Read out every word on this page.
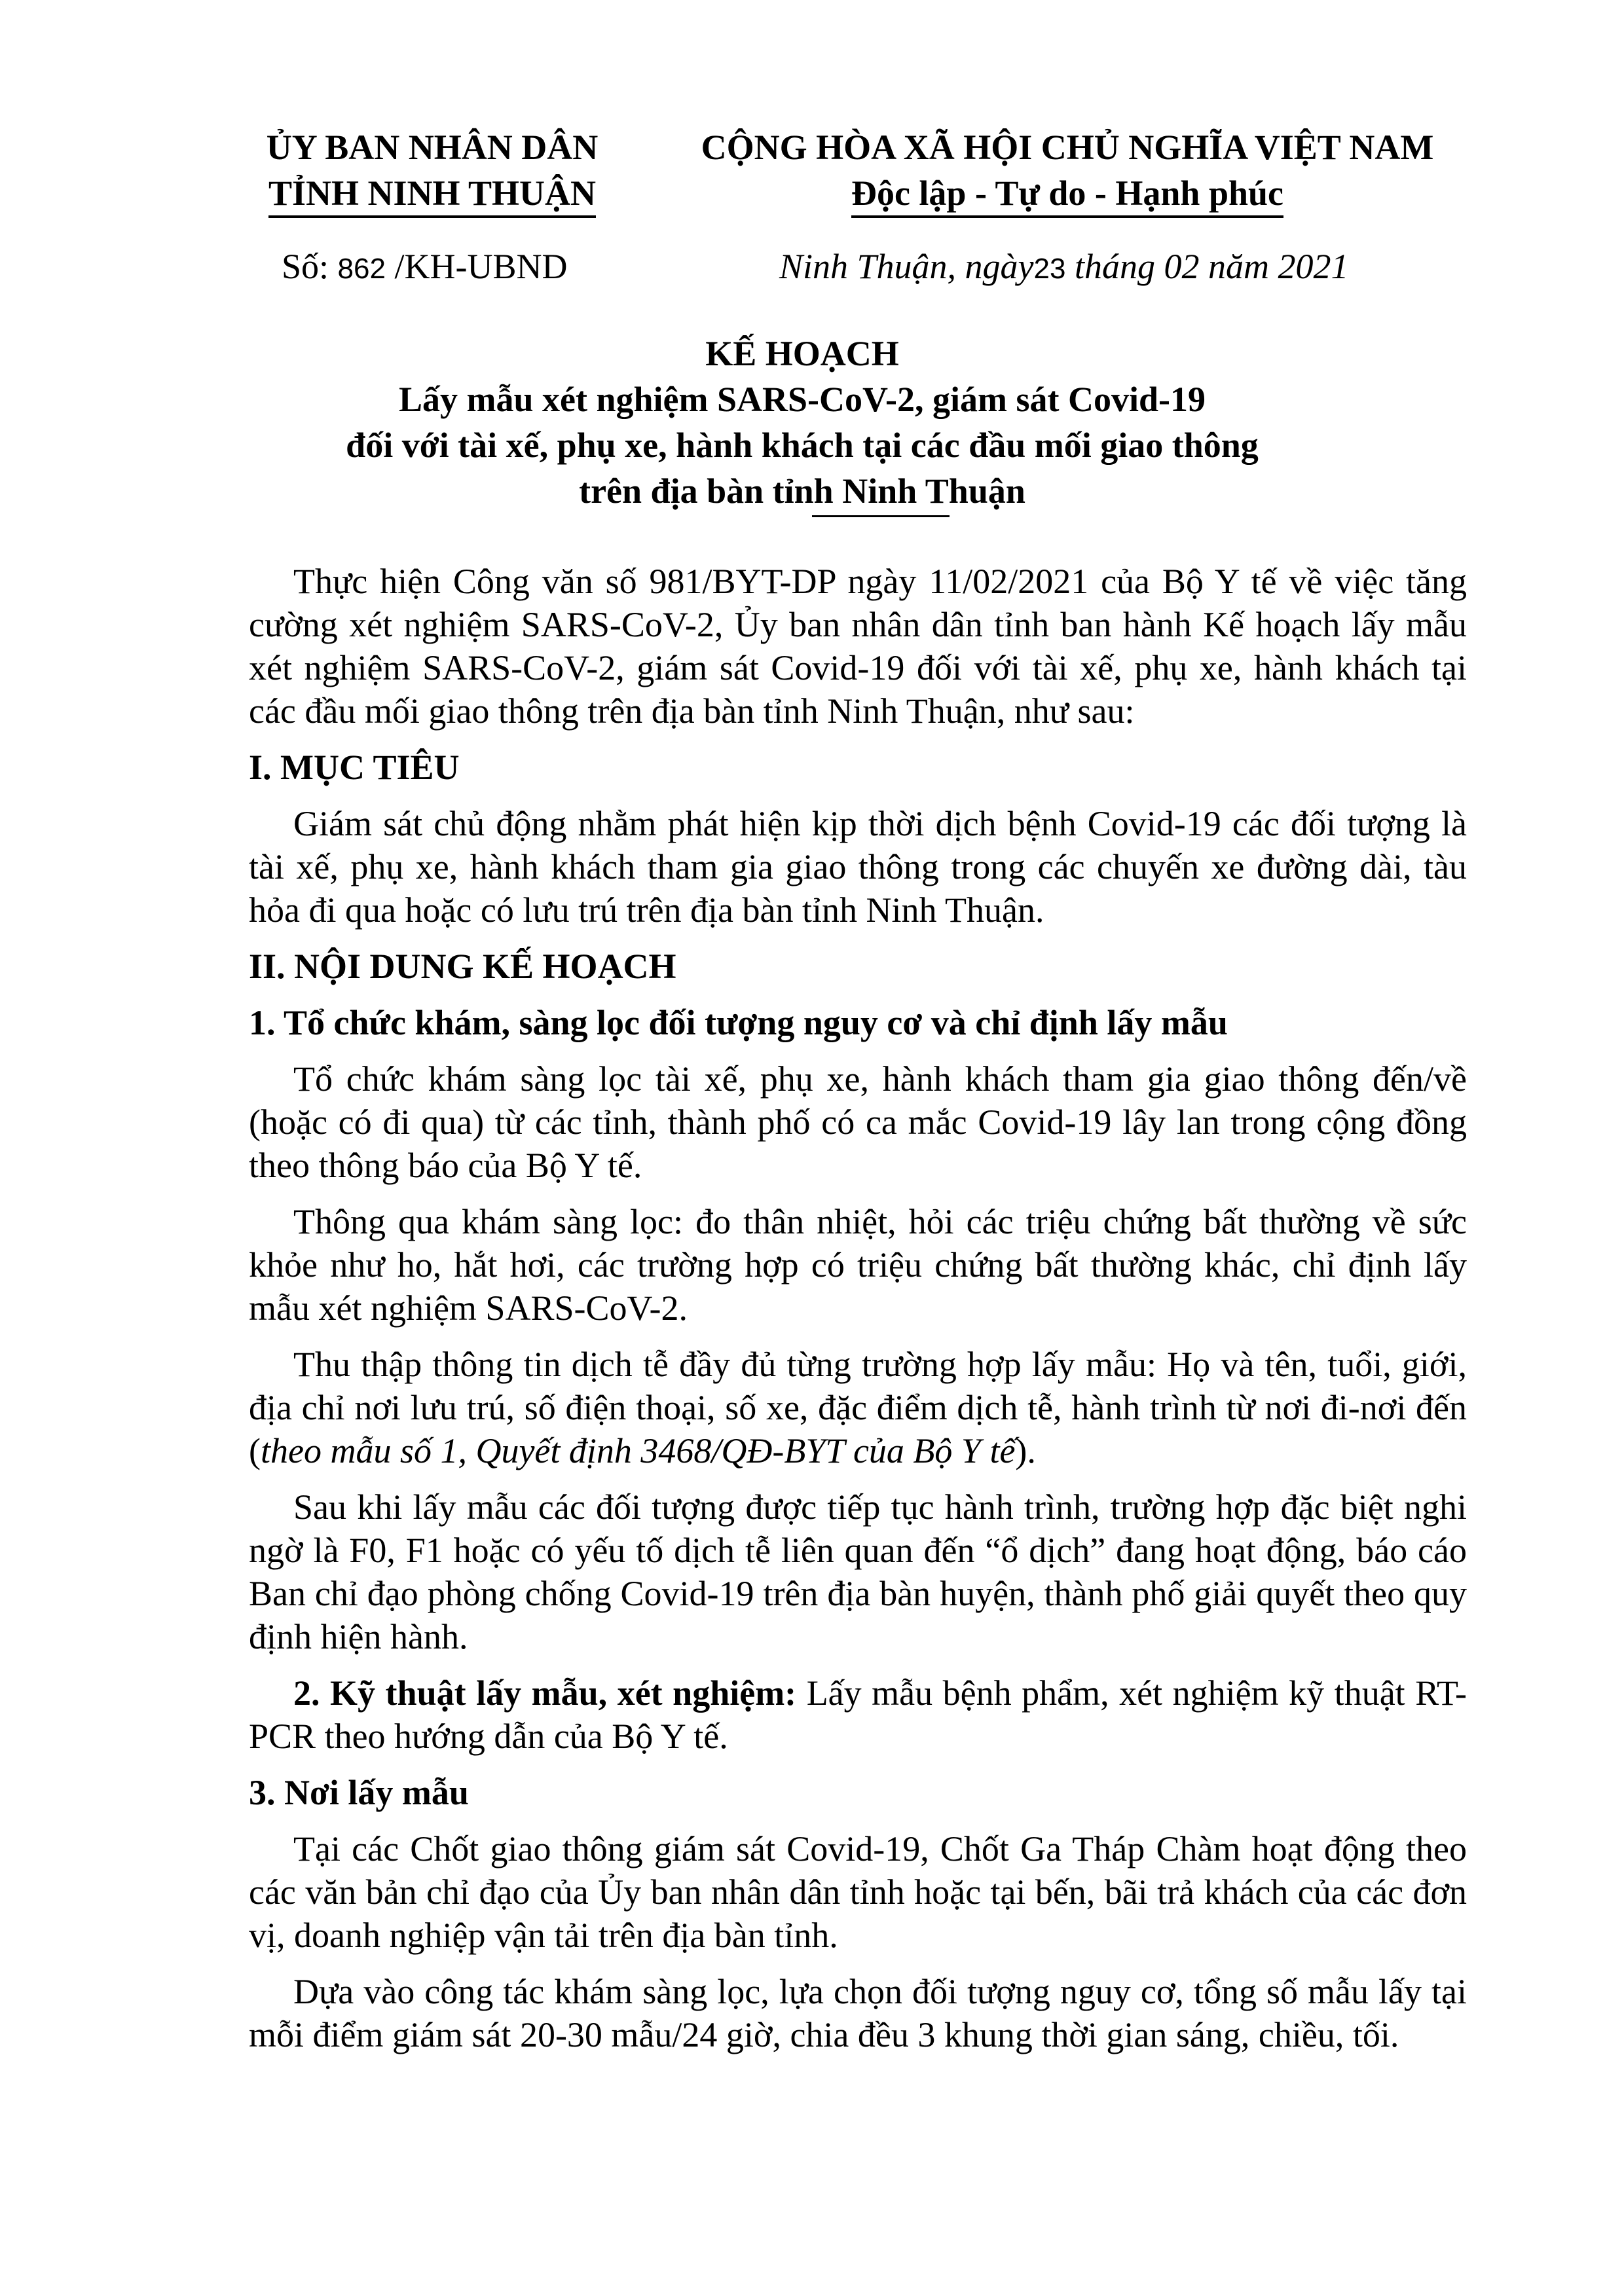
ỦY BAN NHÂN DÂN
TỈNH NINH THUẬN
CỘNG HÒA XÃ HỘI CHỦ NGHĨA VIỆT NAM
Độc lập - Tự do - Hạnh phúc
Số: 862 /KH-UBND	Ninh Thuận, ngày23 tháng 02 năm 2021
KẾ HOẠCH
Lấy mẫu xét nghiệm SARS-CoV-2, giám sát Covid-19
đối với tài xế, phụ xe, hành khách tại các đầu mối giao thông
trên địa bàn tỉnh Ninh Thuận

Thực hiện Công văn số 981/BYT-DP ngày 11/02/2021 của Bộ Y tế về việc tăng cường xét nghiệm SARS-CoV-2, Ủy ban nhân dân tỉnh ban hành Kế hoạch lấy mẫu xét nghiệm SARS-CoV-2, giám sát Covid-19 đối với tài xế, phụ xe, hành khách tại các đầu mối giao thông trên địa bàn tỉnh Ninh Thuận, như sau:

I. MỤC TIÊU

Giám sát chủ động nhằm phát hiện kịp thời dịch bệnh Covid-19 các đối tượng là tài xế, phụ xe, hành khách tham gia giao thông trong các chuyến xe đường dài, tàu hỏa đi qua hoặc có lưu trú trên địa bàn tỉnh Ninh Thuận.

II. NỘI DUNG KẾ HOẠCH

1. Tổ chức khám, sàng lọc đối tượng nguy cơ và chỉ định lấy mẫu

Tổ chức khám sàng lọc tài xế, phụ xe, hành khách tham gia giao thông đến/về (hoặc có đi qua) từ các tỉnh, thành phố có ca mắc Covid-19 lây lan trong cộng đồng theo thông báo của Bộ Y tế.

Thông qua khám sàng lọc: đo thân nhiệt, hỏi các triệu chứng bất thường về sức khỏe như ho, hắt hơi, các trường hợp có triệu chứng bất thường khác, chỉ định lấy mẫu xét nghiệm SARS-CoV-2.

Thu thập thông tin dịch tễ đầy đủ từng trường hợp lấy mẫu: Họ và tên, tuổi, giới, địa chỉ nơi lưu trú, số điện thoại, số xe, đặc điểm dịch tễ, hành trình từ nơi đi-nơi đến (theo mẫu số 1, Quyết định 3468/QĐ-BYT của Bộ Y tế).

Sau khi lấy mẫu các đối tượng được tiếp tục hành trình, trường hợp đặc biệt nghi ngờ là F0, F1 hoặc có yếu tố dịch tễ liên quan đến “ổ dịch” đang hoạt động, báo cáo Ban chỉ đạo phòng chống Covid-19 trên địa bàn huyện, thành phố giải quyết theo quy định hiện hành.

2. Kỹ thuật lấy mẫu, xét nghiệm: Lấy mẫu bệnh phẩm, xét nghiệm kỹ thuật RT-PCR theo hướng dẫn của Bộ Y tế.

3. Nơi lấy mẫu

Tại các Chốt giao thông giám sát Covid-19, Chốt Ga Tháp Chàm hoạt động theo các văn bản chỉ đạo của Ủy ban nhân dân tỉnh hoặc tại bến, bãi trả khách của các đơn vị, doanh nghiệp vận tải trên địa bàn tỉnh.

Dựa vào công tác khám sàng lọc, lựa chọn đối tượng nguy cơ, tổng số mẫu lấy tại mỗi điểm giám sát 20-30 mẫu/24 giờ, chia đều 3 khung thời gian sáng, chiều, tối.
